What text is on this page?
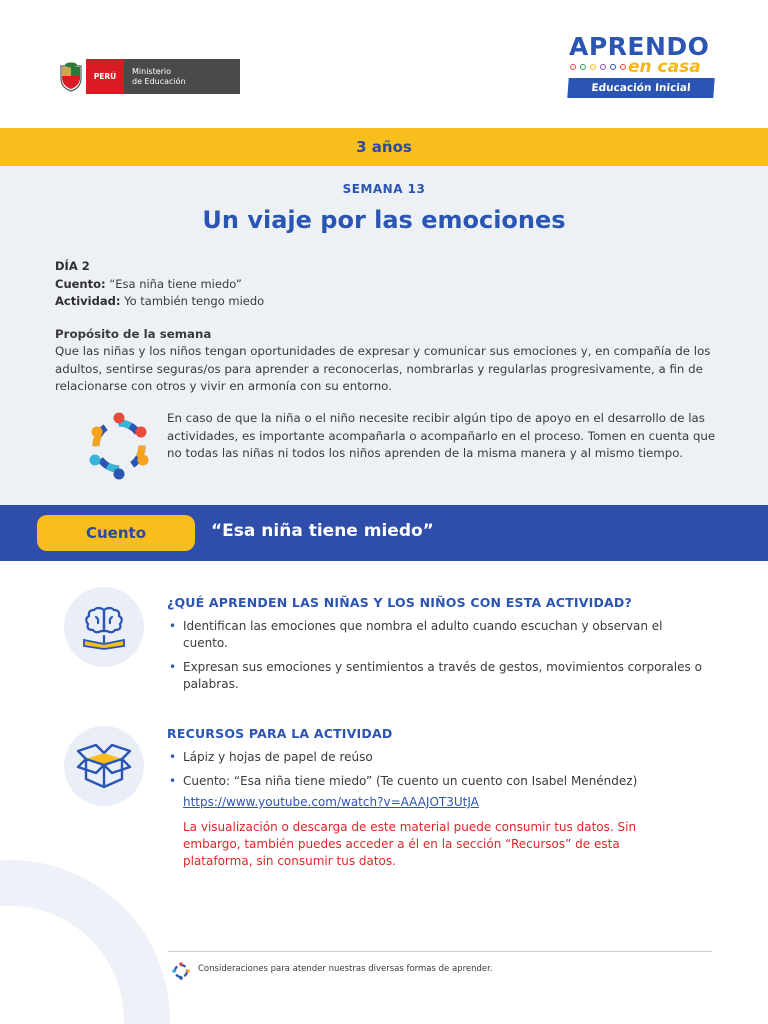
PERÚ
Ministerio
de Educación
APRENDO
en casa
Educación Inicial
3 años
SEMANA 13
Un viaje por las emociones
DÍA 2
Cuento: “Esa niña tiene miedo”
Actividad: Yo también tengo miedo
Propósito de la semana
Que las niñas y los niños tengan oportunidades de expresar y comunicar sus emociones y, en compañía de los adultos, sentirse seguras/os para aprender a reconocerlas, nombrarlas y regularlas progresivamente, a fin de relacionarse con otros y vivir en armonía con su entorno.
En caso de que la niña o el niño necesite recibir algún tipo de apoyo en el desarrollo de las actividades, es importante acompañarla o acompañarlo en el proceso. Tomen en cuenta que no todas las niñas ni todos los niños aprenden de la misma manera y al mismo tiempo.
Cuento	“Esa niña tiene miedo”
¿QUÉ APRENDEN LAS NIÑAS Y LOS NIÑOS CON ESTA ACTIVIDAD?
• Identifican las emociones que nombra el adulto cuando escuchan y observan el cuento.
• Expresan sus emociones y sentimientos a través de gestos, movimientos corporales o palabras.
RECURSOS PARA LA ACTIVIDAD
• Lápiz y hojas de papel de reúso
• Cuento: “Esa niña tiene miedo” (Te cuento un cuento con Isabel Menéndez)
https://www.youtube.com/watch?v=AAAJOT3UtJA
La visualización o descarga de este material puede consumir tus datos. Sin embargo, también puedes acceder a él en la sección “Recursos” de esta plataforma, sin consumir tus datos.
Consideraciones para atender nuestras diversas formas de aprender.
